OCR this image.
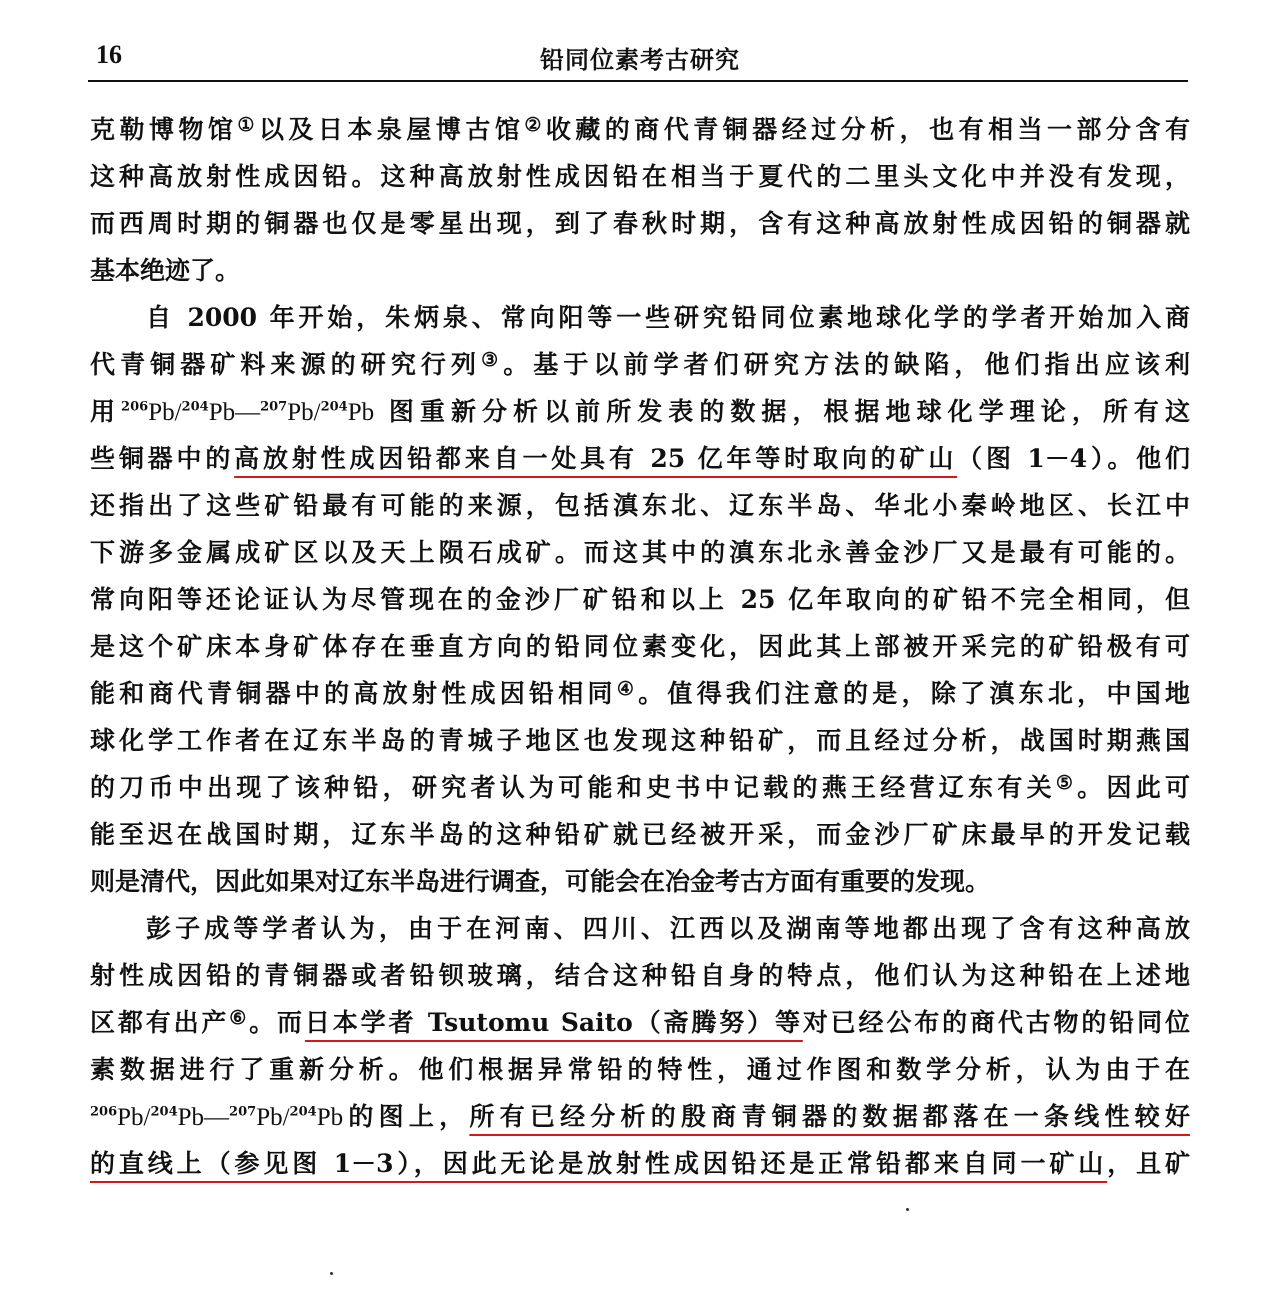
16	铅同位素考古研究
克勒博物馆①以及日本泉屋博古馆②收藏的商代青铜器经过分析，也有相当一部分含有
这种高放射性成因铅。这种高放射性成因铅在相当于夏代的二里头文化中并没有发现，
而西周时期的铜器也仅是零星出现，到了春秋时期，含有这种高放射性成因铅的铜器就
基本绝迹了。
自 2000 年开始，朱炳泉、常向阳等一些研究铅同位素地球化学的学者开始加入商
代青铜器矿料来源的研究行列③。基于以前学者们研究方法的缺陷，他们指出应该利
用$^{206}$Pb/$^{204}$Pb—$^{207}$Pb/$^{204}$Pb 图重新分析以前所发表的数据，根据地球化学理论，所有这
些铜器中的高放射性成因铅都来自一处具有 25 亿年等时取向的矿山（图 1－4）。他们
还指出了这些矿铅最有可能的来源，包括滇东北、辽东半岛、华北小秦岭地区、长江中
下游多金属成矿区以及天上陨石成矿。而这其中的滇东北永善金沙厂又是最有可能的。
常向阳等还论证认为尽管现在的金沙厂矿铅和以上 25 亿年取向的矿铅不完全相同，但
是这个矿床本身矿体存在垂直方向的铅同位素变化，因此其上部被开采完的矿铅极有可
能和商代青铜器中的高放射性成因铅相同④。值得我们注意的是，除了滇东北，中国地
球化学工作者在辽东半岛的青城子地区也发现这种铅矿，而且经过分析，战国时期燕国
的刀币中出现了该种铅，研究者认为可能和史书中记载的燕王经营辽东有关⑤。因此可
能至迟在战国时期，辽东半岛的这种铅矿就已经被开采，而金沙厂矿床最早的开发记载
则是清代，因此如果对辽东半岛进行调查，可能会在冶金考古方面有重要的发现。
彭子成等学者认为，由于在河南、四川、江西以及湖南等地都出现了含有这种高放
射性成因铅的青铜器或者铅钡玻璃，结合这种铅自身的特点，他们认为这种铅在上述地
区都有出产⑥。而日本学者 Tsutomu Saito（斋腾努）等对已经公布的商代古物的铅同位
素数据进行了重新分析。他们根据异常铅的特性，通过作图和数学分析，认为由于在
$^{206}$Pb/$^{204}$Pb—$^{207}$Pb/$^{204}$Pb的图上，所有已经分析的殷商青铜器的数据都落在一条线性较好
的直线上（参见图 1－3），因此无论是放射性成因铅还是正常铅都来自同一矿山，且矿
